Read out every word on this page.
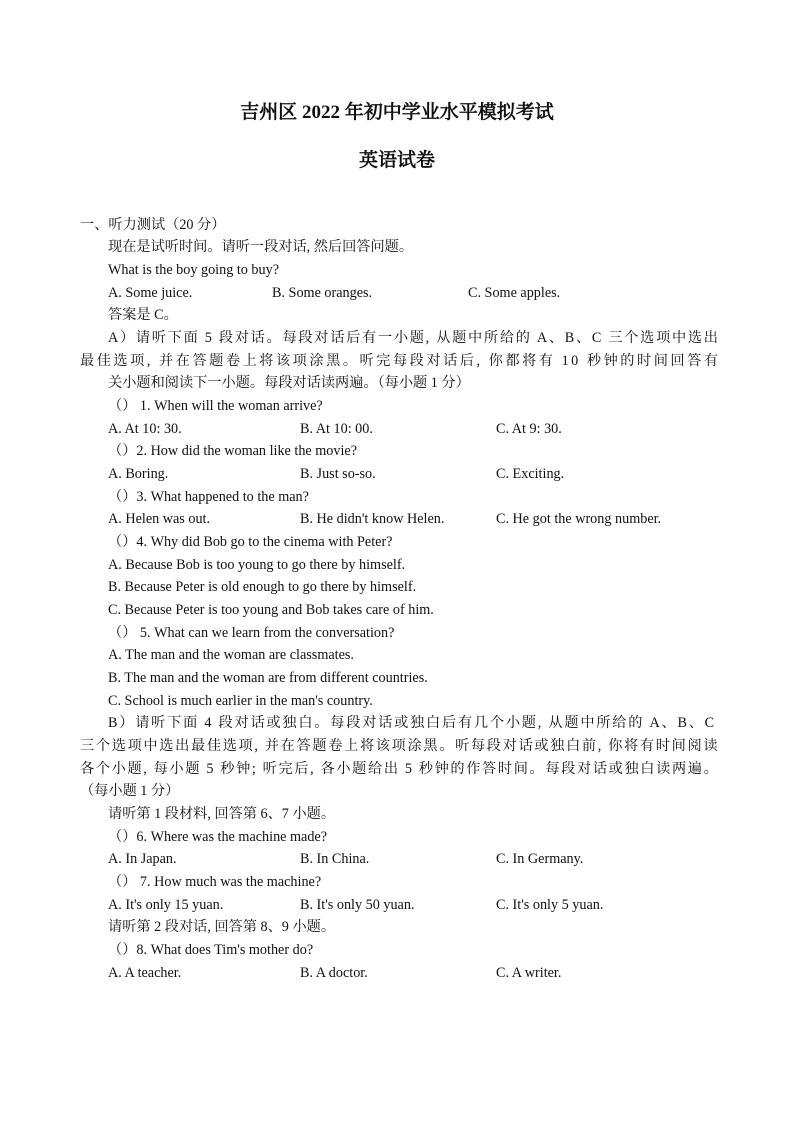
吉州区 2022 年初中学业水平模拟考试
英语试卷
一、听力测试（20 分）
现在是试听时间。请听一段对话, 然后回答问题。
What is the boy going to buy?
A. Some juice.	B. Some oranges.	C. Some apples.
答案是 C。
A）请听下面 5 段对话。每段对话后有一小题, 从题中所给的 A、B、C 三个选项中选出
最佳选项, 并在答题卷上将该项涂黑。听完每段对话后, 你都将有 10 秒钟的时间回答有
关小题和阅读下一小题。每段对话读两遍。（每小题 1 分）
（） 1. When will the woman arrive?
A. At 10: 30.	B. At 10: 00.	C. At 9: 30.
（）2. How did the woman like the movie?
A. Boring.	B. Just so-so.	C. Exciting.
（）3. What happened to the man?
A. Helen was out.	B. He didn't know Helen.	C. He got the wrong number.
（）4. Why did Bob go to the cinema with Peter?
A. Because Bob is too young to go there by himself.
B. Because Peter is old enough to go there by himself.
C. Because Peter is too young and Bob takes care of him.
（） 5. What can we learn from the conversation?
A. The man and the woman are classmates.
B. The man and the woman are from different countries.
C. School is much earlier in the man's country.
B）请听下面 4 段对话或独白。每段对话或独白后有几个小题, 从题中所给的 A、B、C
三个选项中选出最佳选项, 并在答题卷上将该项涂黑。听每段对话或独白前, 你将有时间阅读
各个小题, 每小题 5 秒钟; 听完后, 各小题给出 5 秒钟的作答时间。每段对话或独白读两遍。
（每小题 1 分）
请听第 1 段材料, 回答第 6、7 小题。
（）6. Where was the machine made?
A. In Japan.	B. In China.	C. In Germany.
（） 7. How much was the machine?
A. It's only 15 yuan.	B. It's only 50 yuan.	C. It's only 5 yuan.
请听第 2 段对话, 回答第 8、9 小题。
（）8. What does Tim's mother do?
A. A teacher.	B. A doctor.	C. A writer.
